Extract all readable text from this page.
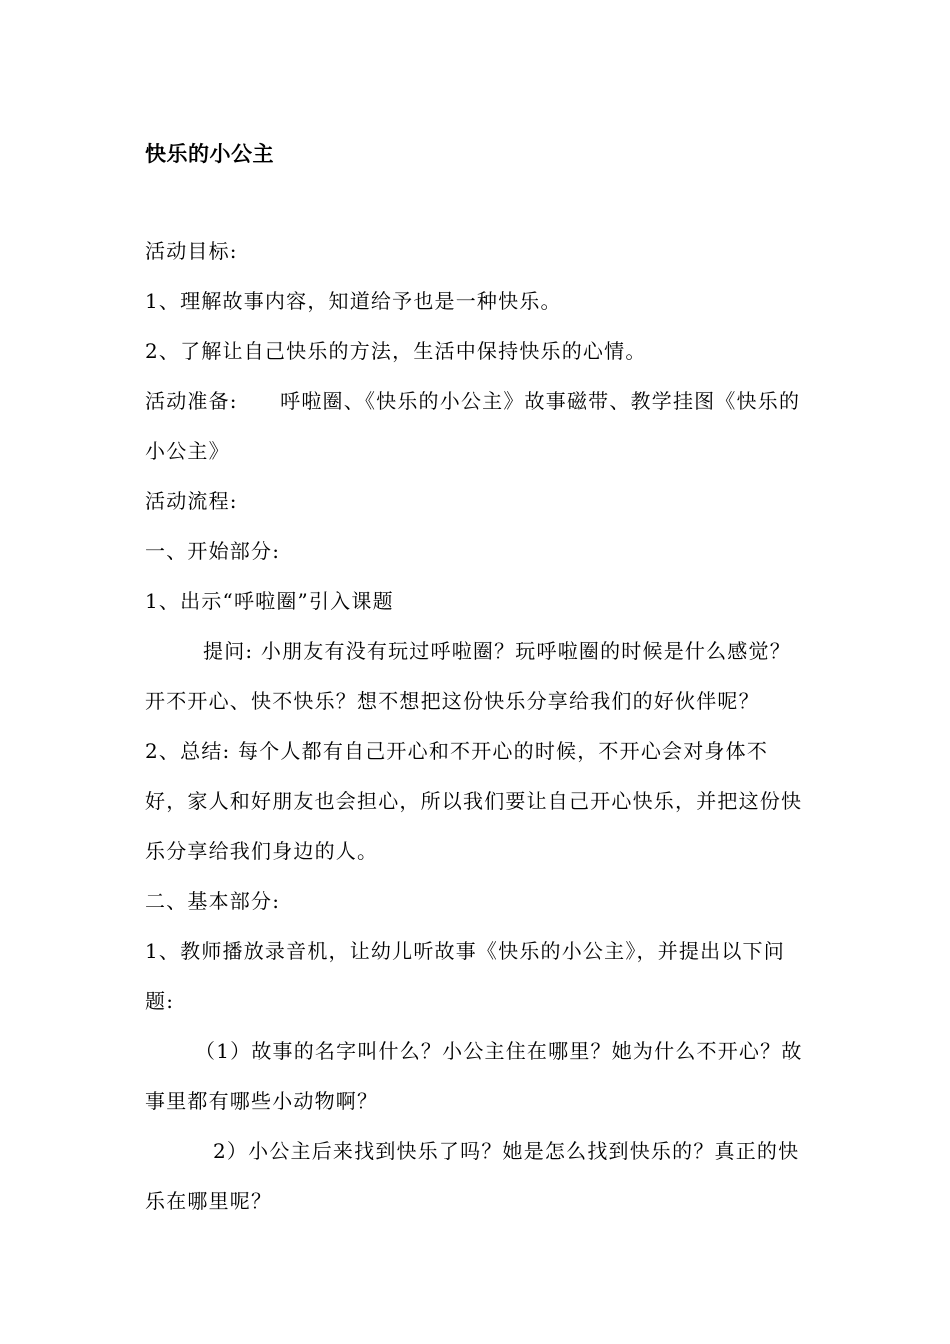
快乐的小公主

活动目标:

1、理解故事内容，知道给予也是一种快乐。

2、了解让自己快乐的方法，生活中保持快乐的心情。

活动准备:　　呼啦圈、《快乐的小公主》故事磁带、教学挂图《快乐的小公主》

活动流程:

一、开始部分:

1、出示“呼啦圈”引入课题

提问: 小朋友有没有玩过呼啦圈？玩呼啦圈的时候是什么感觉？开不开心、快不快乐？想不想把这份快乐分享给我们的好伙伴呢？

2、总结: 每个人都有自己开心和不开心的时候，不开心会对身体不好，家人和好朋友也会担心，所以我们要让自己开心快乐，并把这份快乐分享给我们身边的人。

二、基本部分:

1、教师播放录音机，让幼儿听故事《快乐的小公主》，并提出以下问题:

（1）故事的名字叫什么？小公主住在哪里？她为什么不开心？故事里都有哪些小动物啊？

2）小公主后来找到快乐了吗？她是怎么找到快乐的？真正的快乐在哪里呢？
